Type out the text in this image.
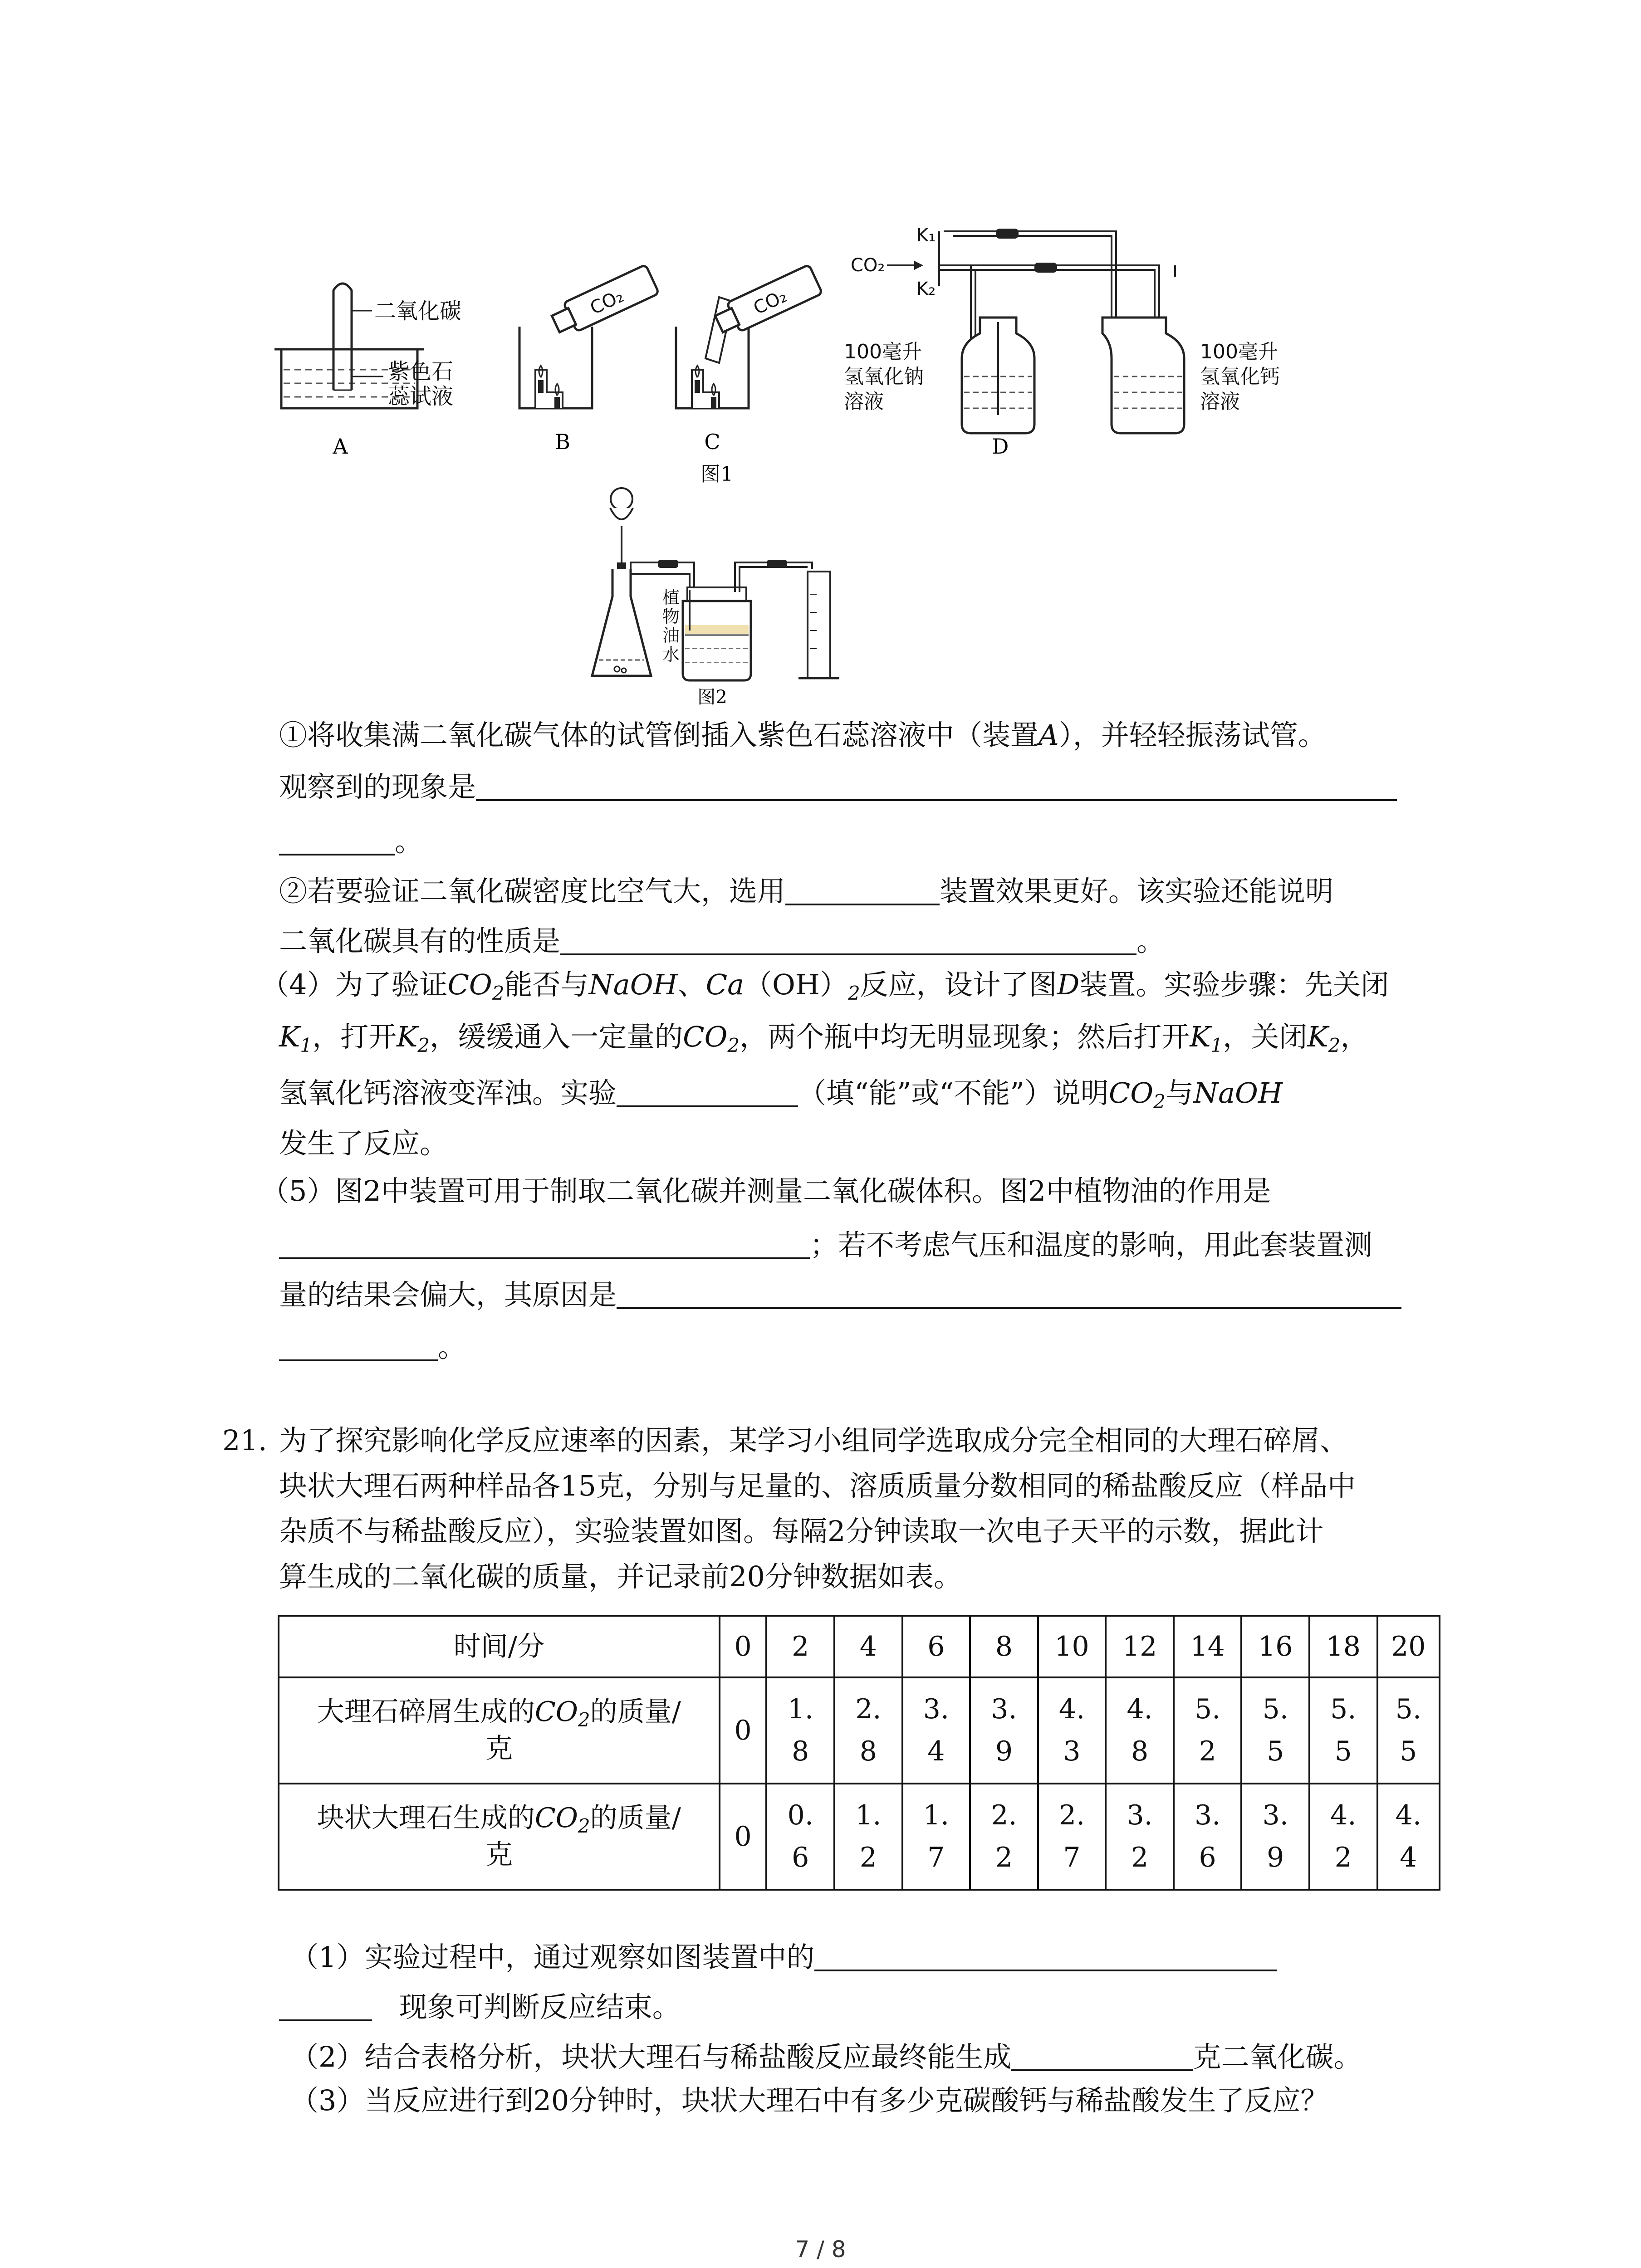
二氧化碳
紫色石
蕊试液
A
CO₂
B
CO₂
C
K₁
CO₂
K₂
100毫升
氢氧化钠
溶液
100毫升
氢氧化钙
溶液
D
图1
植
物
油
水
图2
①将收集满二氧化碳气体的试管倒插入紫色石蕊溶液中（装置A），并轻轻振荡试管。
观察到的现象是
。
②若要验证二氧化碳密度比空气大，选用	装置效果更好。该实验还能说明
二氧化碳具有的性质是	。
（4）为了验证$CO_2$能否与NaOH、$Ca(OH)_2$反应，设计了图D装置。实验步骤：先关闭
$K_1$，打开$K_2$，缓缓通入一定量的$CO_2$，两个瓶中均无明显现象；然后打开$K_1$，关闭$K_2$，
氢氧化钙溶液变浑浊。实验	（填“能”或“不能”）说明$CO_2$与NaOH
发生了反应。
（5）图2中装置可用于制取二氧化碳并测量二氧化碳体积。图2中植物油的作用是
；若不考虑气压和温度的影响，用此套装置测
量的结果会偏大，其原因是
。
21. 为了探究影响化学反应速率的因素，某学习小组同学选取成分完全相同的大理石碎屑、
块状大理石两种样品各15克，分别与足量的、溶质质量分数相同的稀盐酸反应（样品中
杂质不与稀盐酸反应），实验装置如图。每隔2分钟读取一次电子天平的示数，据此计
算生成的二氧化碳的质量，并记录前20分钟数据如表。
时间/分	0	2	4	6	8	10	12	14	16	18	20
大理石碎屑生成的$CO_2$的质量/
克	0	1.8	2.8	3.4	3.9	4.3	4.8	5.2	5.5	5.5	5.5
块状大理石生成的$CO_2$的质量/
克	0	0.6	1.2	1.7	2.2	2.7	3.2	3.6	3.9	4.2	4.4
（1）实验过程中，通过观察如图装置中的
现象可判断反应结束。
（2）结合表格分析，块状大理石与稀盐酸反应最终能生成	克二氧化碳。
（3）当反应进行到20分钟时，块状大理石中有多少克碳酸钙与稀盐酸发生了反应？
7 / 8
